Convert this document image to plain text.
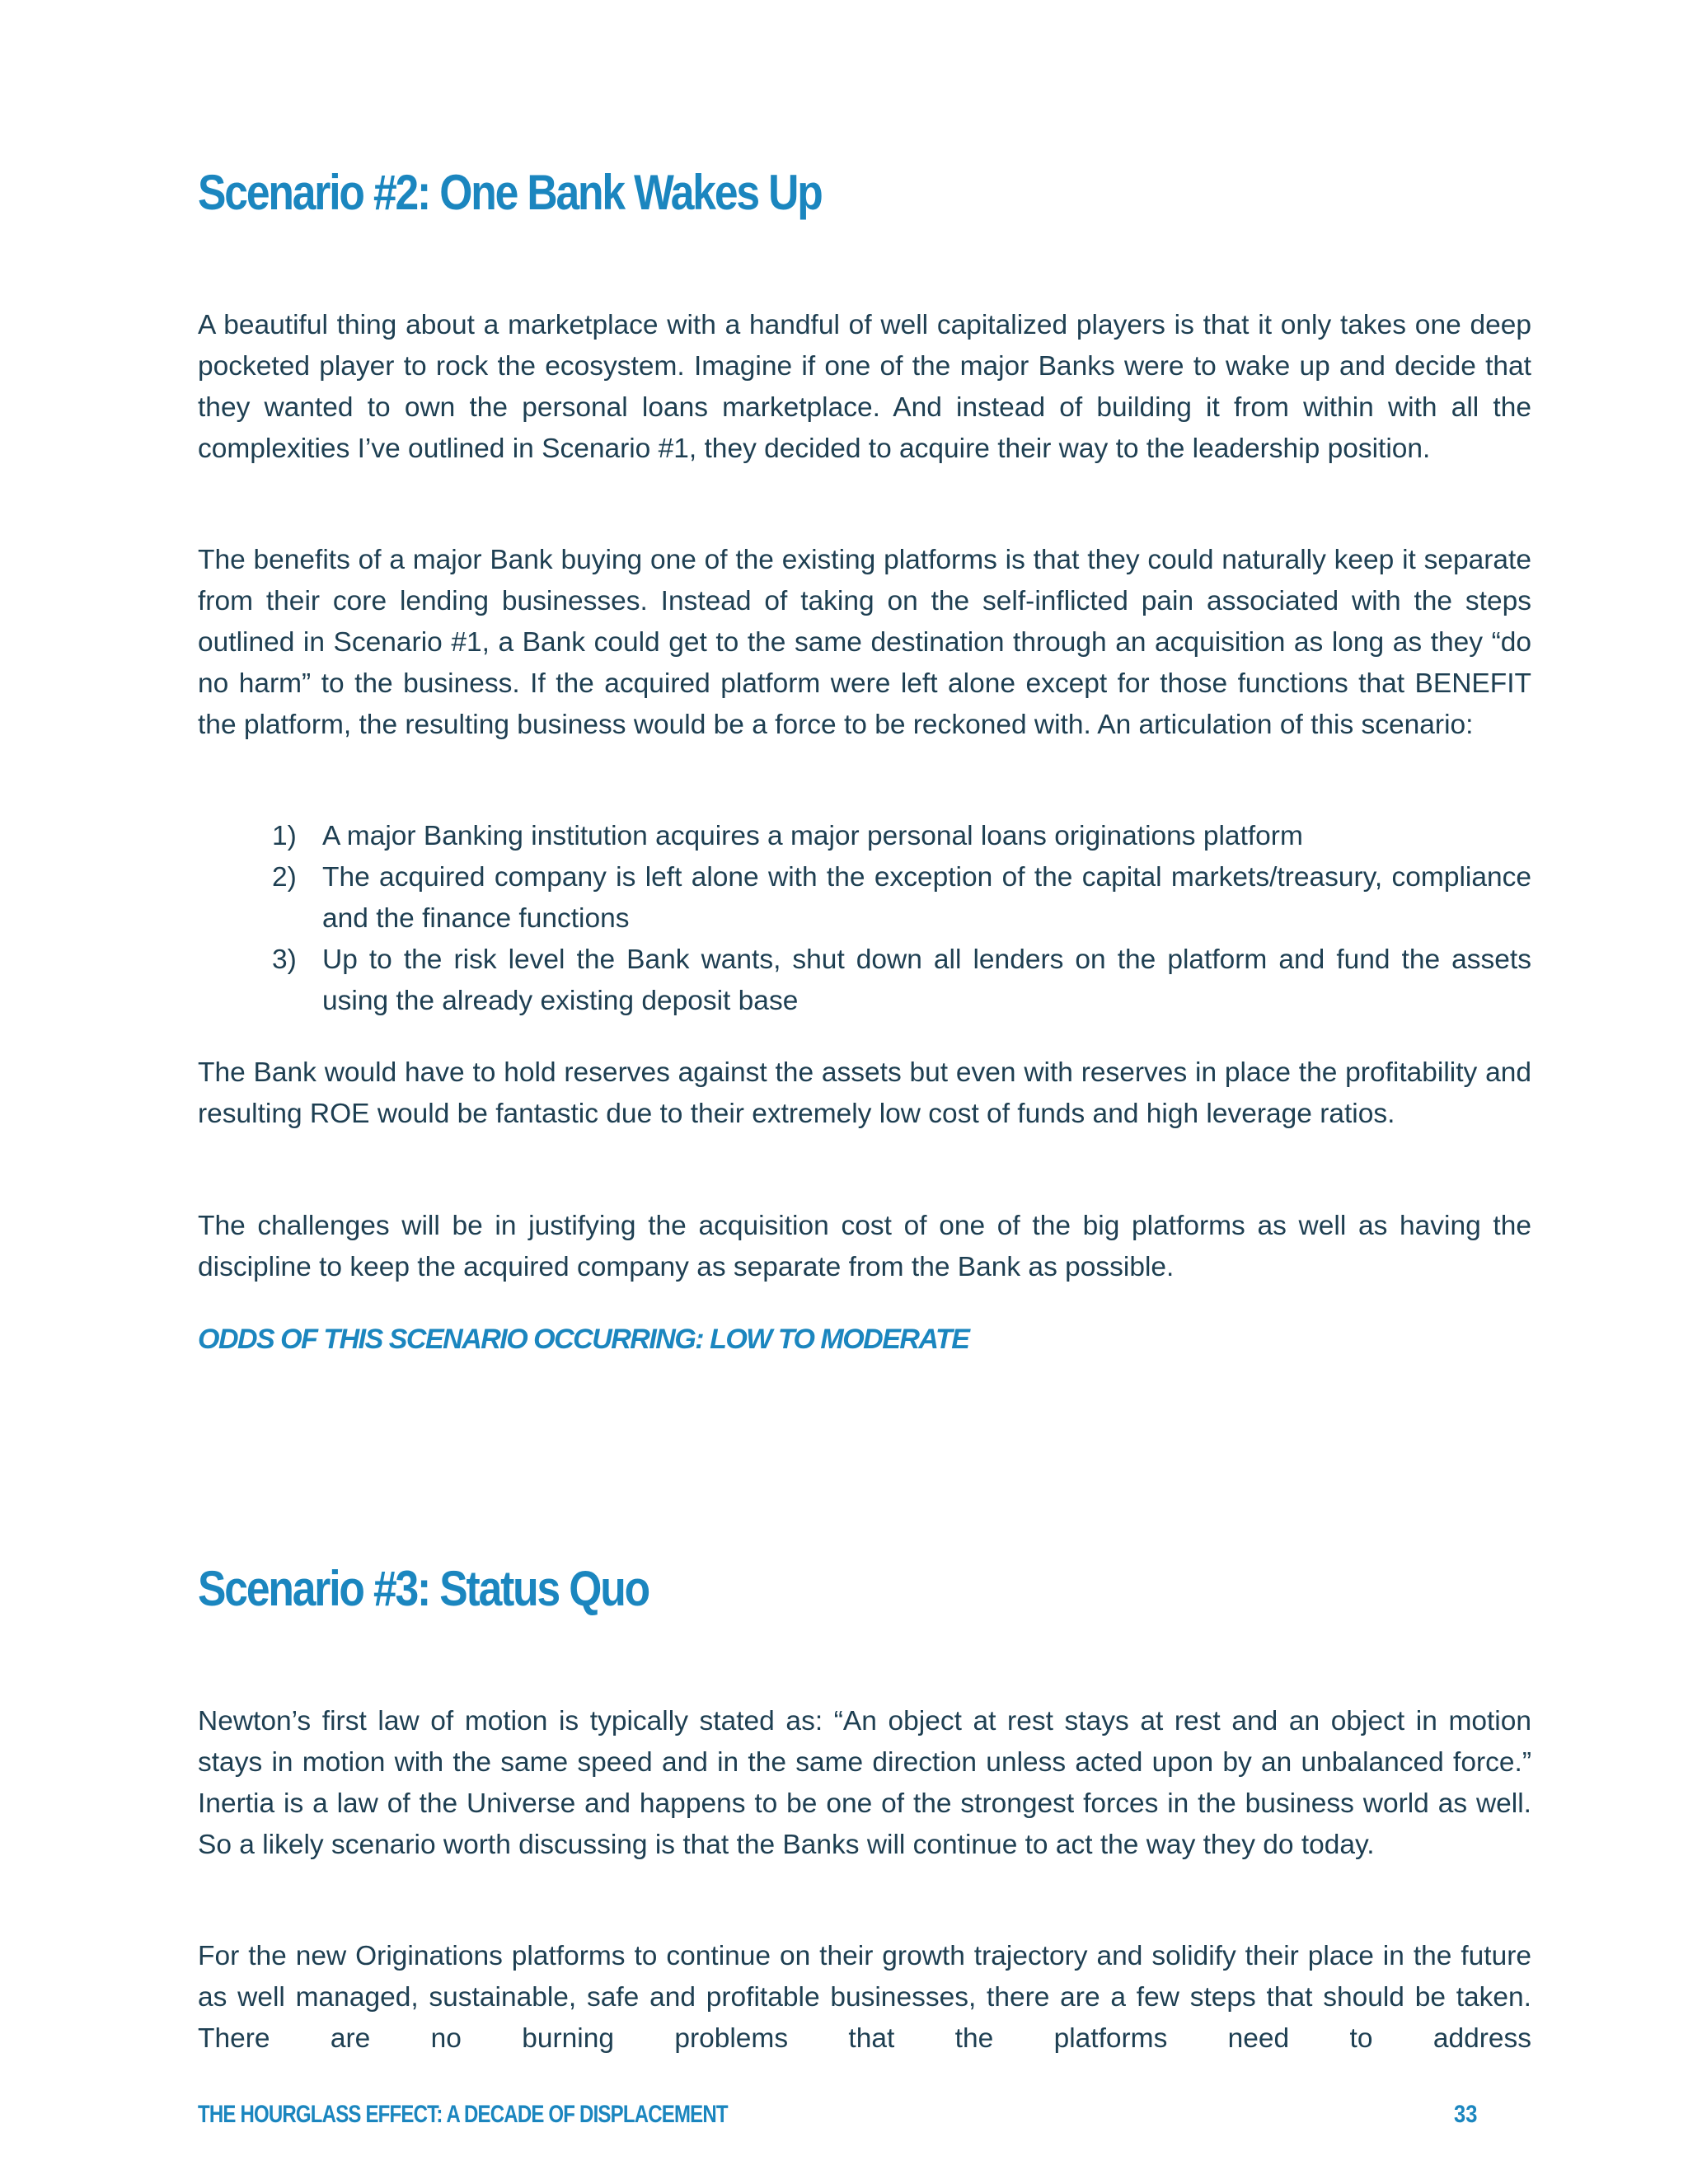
Scenario #2: One Bank Wakes Up

A beautiful thing about a marketplace with a handful of well capitalized players is that it only takes one deep pocketed player to rock the ecosystem. Imagine if one of the major Banks were to wake up and decide that they wanted to own the personal loans marketplace. And instead of building it from within with all the complexities I’ve outlined in Scenario #1, they decided to acquire their way to the leadership position.

The benefits of a major Bank buying one of the existing platforms is that they could naturally keep it separate from their core lending businesses. Instead of taking on the self-inflicted pain associated with the steps outlined in Scenario #1, a Bank could get to the same destination through an acquisition as long as they “do no harm” to the business. If the acquired platform were left alone except for those functions that BENEFIT the platform, the resulting business would be a force to be reckoned with. An articulation of this scenario:

1) A major Banking institution acquires a major personal loans originations platform
2) The acquired company is left alone with the exception of the capital markets/treasury, compliance and the finance functions
3) Up to the risk level the Bank wants, shut down all lenders on the platform and fund the assets using the already existing deposit base

The Bank would have to hold reserves against the assets but even with reserves in place the profitability and resulting ROE would be fantastic due to their extremely low cost of funds and high leverage ratios.

The challenges will be in justifying the acquisition cost of one of the big platforms as well as having the discipline to keep the acquired company as separate from the Bank as possible.

ODDS OF THIS SCENARIO OCCURRING: LOW TO MODERATE

Scenario #3: Status Quo

Newton’s first law of motion is typically stated as: “An object at rest stays at rest and an object in motion stays in motion with the same speed and in the same direction unless acted upon by an unbalanced force.” Inertia is a law of the Universe and happens to be one of the strongest forces in the business world as well. So a likely scenario worth discussing is that the Banks will continue to act the way they do today.

For the new Originations platforms to continue on their growth trajectory and solidify their place in the future as well managed, sustainable, safe and profitable businesses, there are a few steps that should be taken. There are no burning problems that the platforms need to address

THE HOURGLASS EFFECT: A DECADE OF DISPLACEMENT	33
